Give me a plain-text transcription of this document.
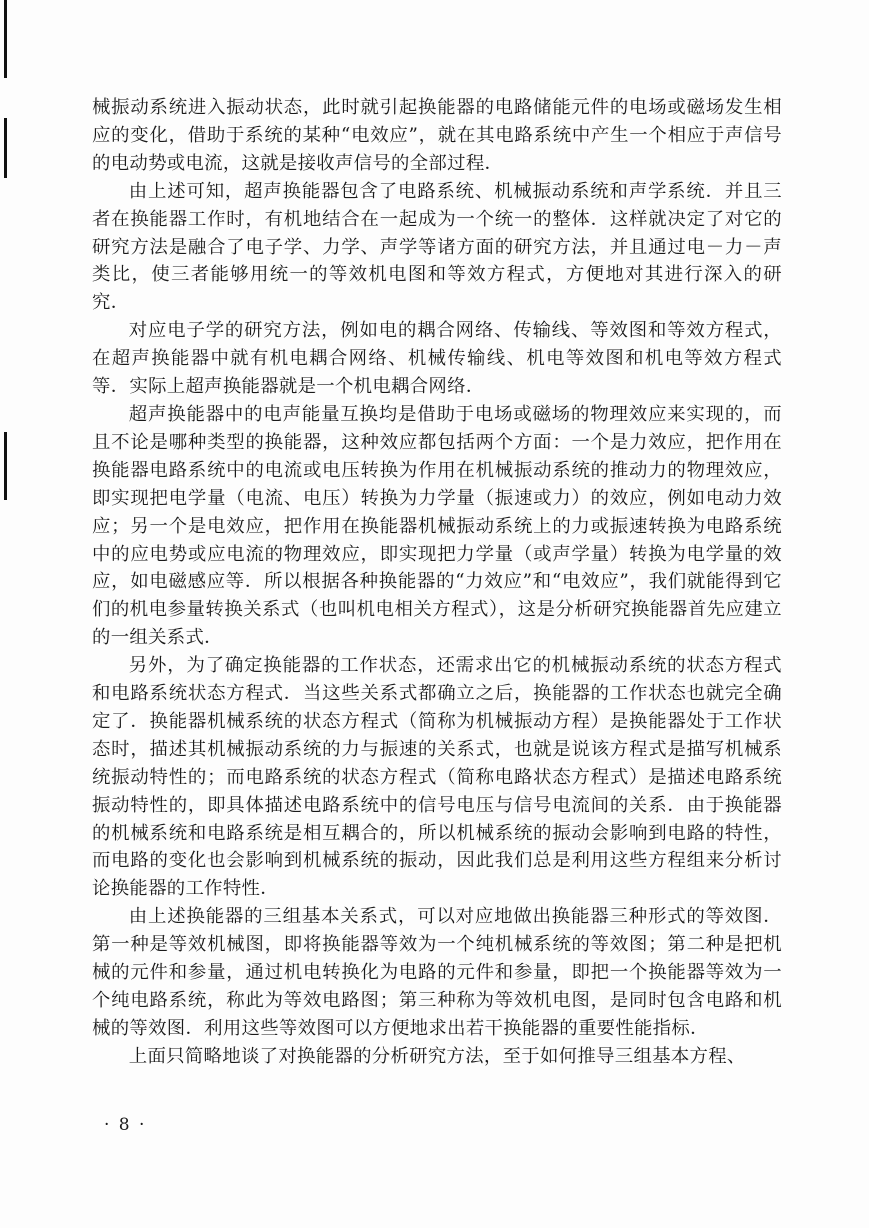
械振动系统进入振动状态，此时就引起换能器的电路储能元件的电场或磁场发生相应的变化，借助于系统的某种“电效应”，就在其电路系统中产生一个相应于声信号的电动势或电流，这就是接收声信号的全部过程．

由上述可知，超声换能器包含了电路系统、机械振动系统和声学系统．并且三者在换能器工作时，有机地结合在一起成为一个统一的整体．这样就决定了对它的研究方法是融合了电子学、力学、声学等诸方面的研究方法，并且通过电－力－声类比，使三者能够用统一的等效机电图和等效方程式，方便地对其进行深入的研究．

对应电子学的研究方法，例如电的耦合网络、传输线、等效图和等效方程式，在超声换能器中就有机电耦合网络、机械传输线、机电等效图和机电等效方程式等．实际上超声换能器就是一个机电耦合网络．

超声换能器中的电声能量互换均是借助于电场或磁场的物理效应来实现的，而且不论是哪种类型的换能器，这种效应都包括两个方面：一个是力效应，把作用在换能器电路系统中的电流或电压转换为作用在机械振动系统的推动力的物理效应，即实现把电学量（电流、电压）转换为力学量（振速或力）的效应，例如电动力效应；另一个是电效应，把作用在换能器机械振动系统上的力或振速转换为电路系统中的应电势或应电流的物理效应，即实现把力学量（或声学量）转换为电学量的效应，如电磁感应等．所以根据各种换能器的“力效应”和“电效应”，我们就能得到它们的机电参量转换关系式（也叫机电相关方程式），这是分析研究换能器首先应建立的一组关系式．

另外，为了确定换能器的工作状态，还需求出它的机械振动系统的状态方程式和电路系统状态方程式．当这些关系式都确立之后，换能器的工作状态也就完全确定了．换能器机械系统的状态方程式（简称为机械振动方程）是换能器处于工作状态时，描述其机械振动系统的力与振速的关系式，也就是说该方程式是描写机械系统振动特性的；而电路系统的状态方程式（简称电路状态方程式）是描述电路系统振动特性的，即具体描述电路系统中的信号电压与信号电流间的关系．由于换能器的机械系统和电路系统是相互耦合的，所以机械系统的振动会影响到电路的特性，而电路的变化也会影响到机械系统的振动，因此我们总是利用这些方程组来分析讨论换能器的工作特性．

由上述换能器的三组基本关系式，可以对应地做出换能器三种形式的等效图．第一种是等效机械图，即将换能器等效为一个纯机械系统的等效图；第二种是把机械的元件和参量，通过机电转换化为电路的元件和参量，即把一个换能器等效为一个纯电路系统，称此为等效电路图；第三种称为等效机电图，是同时包含电路和机械的等效图．利用这些等效图可以方便地求出若干换能器的重要性能指标．

上面只简略地谈了对换能器的分析研究方法，至于如何推导三组基本方程、

· 8 ·
